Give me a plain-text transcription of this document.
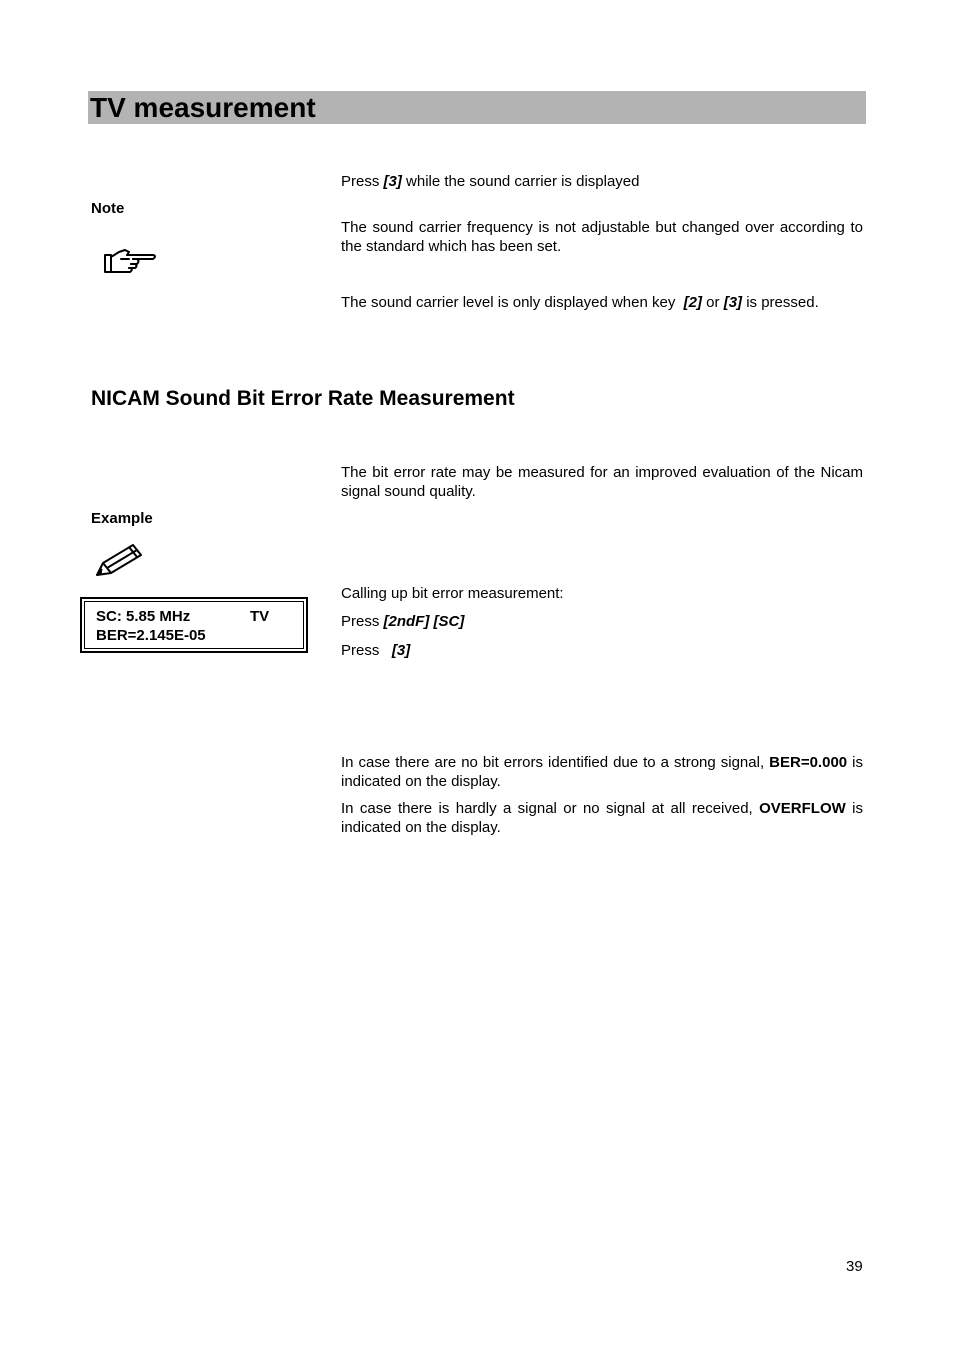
TV measurement
Press [3] while the sound carrier is displayed
Note
The sound carrier frequency is not adjustable but changed over according to the standard which has been set.
The sound carrier level is only displayed when key  [2] or [3] is pressed.
NICAM Sound Bit Error Rate Measurement
The bit error rate may be measured for an improved evaluation of the Nicam signal sound quality.
Example
SC: 5.85 MHz	TV
BER=2.145E-05
Calling up bit error measurement:
Press [2ndF] [SC]
Press   [3]
In case there are no bit errors identified due to a strong signal, BER=0.000 is indicated on the display.
In case there is hardly a signal or no signal at all received, OVERFLOW is indicated on the display.
39
